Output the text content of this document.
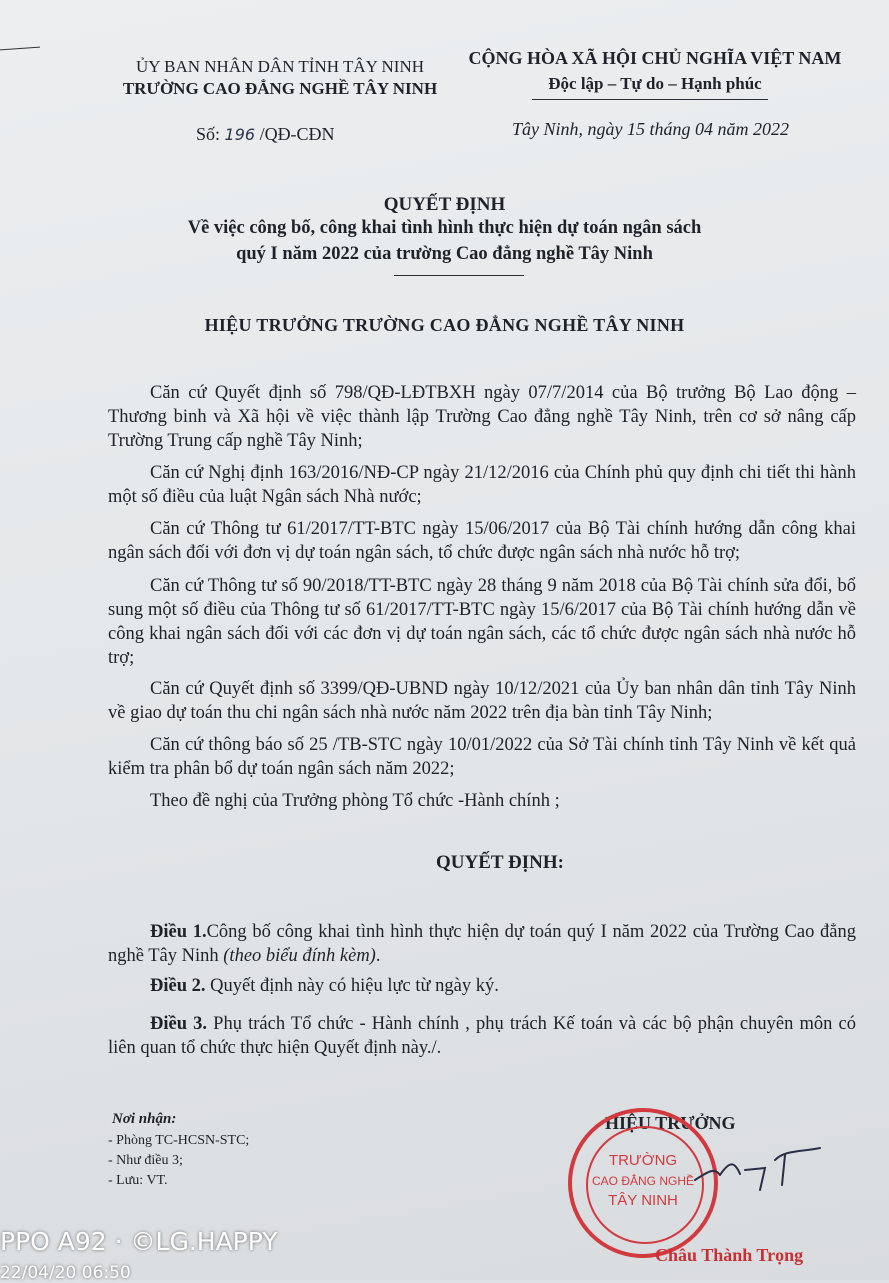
ỦY BAN NHÂN DÂN TỈNH TÂY NINH
TRƯỜNG CAO ĐẲNG NGHỀ TÂY NINH
CỘNG HÒA XÃ HỘI CHỦ NGHĨA VIỆT NAM
Độc lập – Tự do – Hạnh phúc
Số: 196 /QĐ-CĐN	Tây Ninh, ngày 15 tháng 04 năm 2022
QUYẾT ĐỊNH
Về việc công bố, công khai tình hình thực hiện dự toán ngân sách
quý I năm 2022 của trường Cao đẳng nghề Tây Ninh
HIỆU TRƯỞNG TRƯỜNG CAO ĐẲNG NGHỀ TÂY NINH
Căn cứ Quyết định số 798/QĐ-LĐTBXH ngày 07/7/2014 của Bộ trưởng Bộ Lao động – Thương binh và Xã hội về việc thành lập Trường Cao đẳng nghề Tây Ninh, trên cơ sở nâng cấp Trường Trung cấp nghề Tây Ninh;
Căn cứ Nghị định 163/2016/NĐ-CP ngày 21/12/2016 của Chính phủ quy định chi tiết thi hành một số điều của luật Ngân sách Nhà nước;
Căn cứ Thông tư 61/2017/TT-BTC ngày 15/06/2017 của Bộ Tài chính hướng dẫn công khai ngân sách đối với đơn vị dự toán ngân sách, tổ chức được ngân sách nhà nước hỗ trợ;
Căn cứ Thông tư số 90/2018/TT-BTC ngày 28 tháng 9 năm 2018 của Bộ Tài chính sửa đổi, bổ sung một số điều của Thông tư số 61/2017/TT-BTC ngày 15/6/2017 của Bộ Tài chính hướng dẫn về công khai ngân sách đối với các đơn vị dự toán ngân sách, các tổ chức được ngân sách nhà nước hỗ trợ;
Căn cứ Quyết định số 3399/QĐ-UBND ngày 10/12/2021 của Ủy ban nhân dân tỉnh Tây Ninh về giao dự toán thu chi ngân sách nhà nước năm 2022 trên địa bàn tỉnh Tây Ninh;
Căn cứ thông báo số 25 /TB-STC ngày 10/01/2022 của Sở Tài chính tỉnh Tây Ninh về kết quả kiểm tra phân bổ dự toán ngân sách năm 2022;
Theo đề nghị của Trưởng phòng Tổ chức -Hành chính ;
QUYẾT ĐỊNH:
Điều 1.Công bố công khai tình hình thực hiện dự toán quý I năm 2022 của Trường Cao đẳng nghề Tây Ninh (theo biểu đính kèm).
Điều 2. Quyết định này có hiệu lực từ ngày ký.
Điều 3. Phụ trách Tổ chức - Hành chính , phụ trách Kế toán và các bộ phận chuyên môn có liên quan tổ chức thực hiện Quyết định này./.
Nơi nhận:
- Phòng TC-HCSN-STC;
- Như điều 3;
- Lưu: VT.
HIỆU TRƯỞNG
TRƯỜNG
CAO ĐẲNG NGHỀ
TÂY NINH
Châu Thành Trọng
PPO A92 · ©LG.HAPPY
22/04/20 06:50
